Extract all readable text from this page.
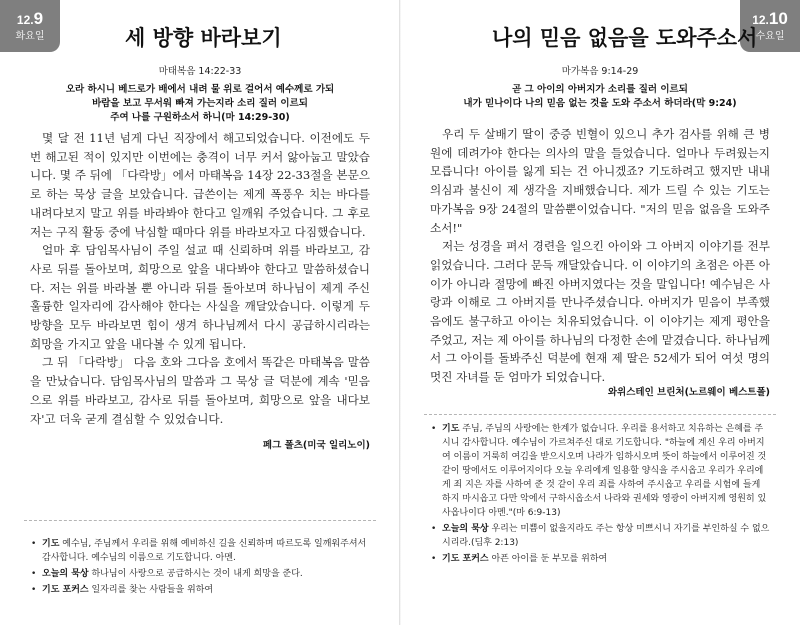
12.9
화요일	세 방향 바라보기
마태복음 14:22-33
오라 하시니 베드로가 배에서 내려 물 위로 걸어서 예수께로 가되
바람을 보고 무서워 빠져 가는지라 소리 질러 이르되
주여 나를 구원하소서 하니(마 14:29-30)

몇 달 전 11년 넘게 다닌 직장에서 해고되었습니다. 이전에도 두 번 해고된 적이 있지만 이번에는 충격이 너무 커서 앓아눕고 말았습니다. 몇 주 뒤에 「다락방」에서 마태복음 14장 22-33절을 본문으로 하는 묵상 글을 보았습니다. 급쓴이는 제게 폭풍우 치는 바다를 내려다보지 말고 위를 바라봐야 한다고 일깨워 주었습니다. 그 후로 저는 구직 활동 중에 낙심할 때마다 위를 바라보자고 다짐했습니다.

얼마 후 담임목사님이 주일 설교 때 신뢰하며 위를 바라보고, 감사로 뒤를 돌아보며, 희망으로 앞을 내다봐야 한다고 말씀하셨습니다. 저는 위를 바라볼 뿐 아니라 뒤를 돌아보며 하나님이 제게 주신 훌륭한 일자리에 감사해야 한다는 사실을 깨달았습니다. 이렇게 두 방향을 모두 바라보면 힘이 생겨 하나님께서 다시 공급하시리라는 희망을 가지고 앞을 내다볼 수 있게 됩니다.

그 뒤 「다락방」 다음 호와 그다음 호에서 똑같은 마태복음 말씀을 만났습니다. 담임목사님의 말씀과 그 묵상 글 덕분에 계속 '믿음으로 위를 바라보고, 감사로 뒤를 돌아보며, 희망으로 앞을 내다보자'고 더욱 굳게 결심할 수 있었습니다.

페그 폴츠(미국 일리노이)
• 기도 예수님, 주님께서 우리를 위해 예비하신 길을 신뢰하며 따르도록 일깨워주셔서 감사합니다. 예수님의 이름으로 기도합니다. 아멘.
• 오늘의 묵상 하나님이 사랑으로 공급하시는 것이 내게 희망을 준다.
• 기도 포커스 일자리를 찾는 사람들을 위하여
12.10
수요일
나의 믿음 없음을 도와주소서
마가복음 9:14-29
곧 그 아이의 아버지가 소리를 질러 이르되
내가 믿나이다 나의 믿음 없는 것을 도와 주소서 하더라(막 9:24)

우리 두 살배기 딸이 중증 빈혈이 있으니 추가 검사를 위해 큰 병원에 데려가야 한다는 의사의 말을 들었습니다. 얼마나 두려웠는지 모릅니다! 아이를 잃게 되는 건 아니겠죠? 기도하려고 했지만 내내 의심과 불신이 제 생각을 지배했습니다. 제가 드릴 수 있는 기도는 마가복음 9장 24절의 말씀뿐이었습니다. "저의 믿음 없음을 도와주소서!"

저는 성경을 펴서 경련을 일으킨 아이와 그 아버지 이야기를 전부 읽었습니다. 그러다 문득 깨달았습니다. 이 이야기의 초점은 아픈 아이가 아니라 절망에 빠진 아버지였다는 것을 말입니다! 예수님은 사랑과 이해로 그 아버지를 만나주셨습니다. 아버지가 믿음이 부족했음에도 불구하고 아이는 치유되었습니다. 이 이야기는 제게 평안을 주었고, 저는 제 아이를 하나님의 다정한 손에 맡겼습니다. 하나님께서 그 아이를 돌봐주신 덕분에 현재 제 딸은 52세가 되어 여섯 명의 멋진 자녀를 둔 엄마가 되었습니다.

와위스테인 브린처(노르웨이 베스트폴)
• 기도 주님, 주님의 사랑에는 한계가 없습니다. 우리를 용서하고 치유하는 은혜를 주시니 감사합니다. 예수님이 가르쳐주신 대로 기도합니다. "하늘에 계신 우리 아버지여 이름이 거룩히 여김을 받으시오며 나라가 임하시오며 뜻이 하늘에서 이루어진 것 같이 땅에서도 이루어지이다 오늘 우리에게 일용할 양식을 주시옵고 우리가 우리에게 죄 지은 자를 사하여 준 것 같이 우리 죄를 사하여 주시옵고 우리를 시험에 들게 하지 마시옵고 다만 악에서 구하시옵소서 나라와 권세와 영광이 아버지께 영원히 있사옵나이다 아멘."(마 6:9-13)
• 오늘의 묵상 우리는 미쁨이 없을지라도 주는 항상 미쁘시니 자기를 부인하실 수 없으시리라.(딤후 2:13)
• 기도 포커스 아픈 아이를 둔 부모를 위하여
